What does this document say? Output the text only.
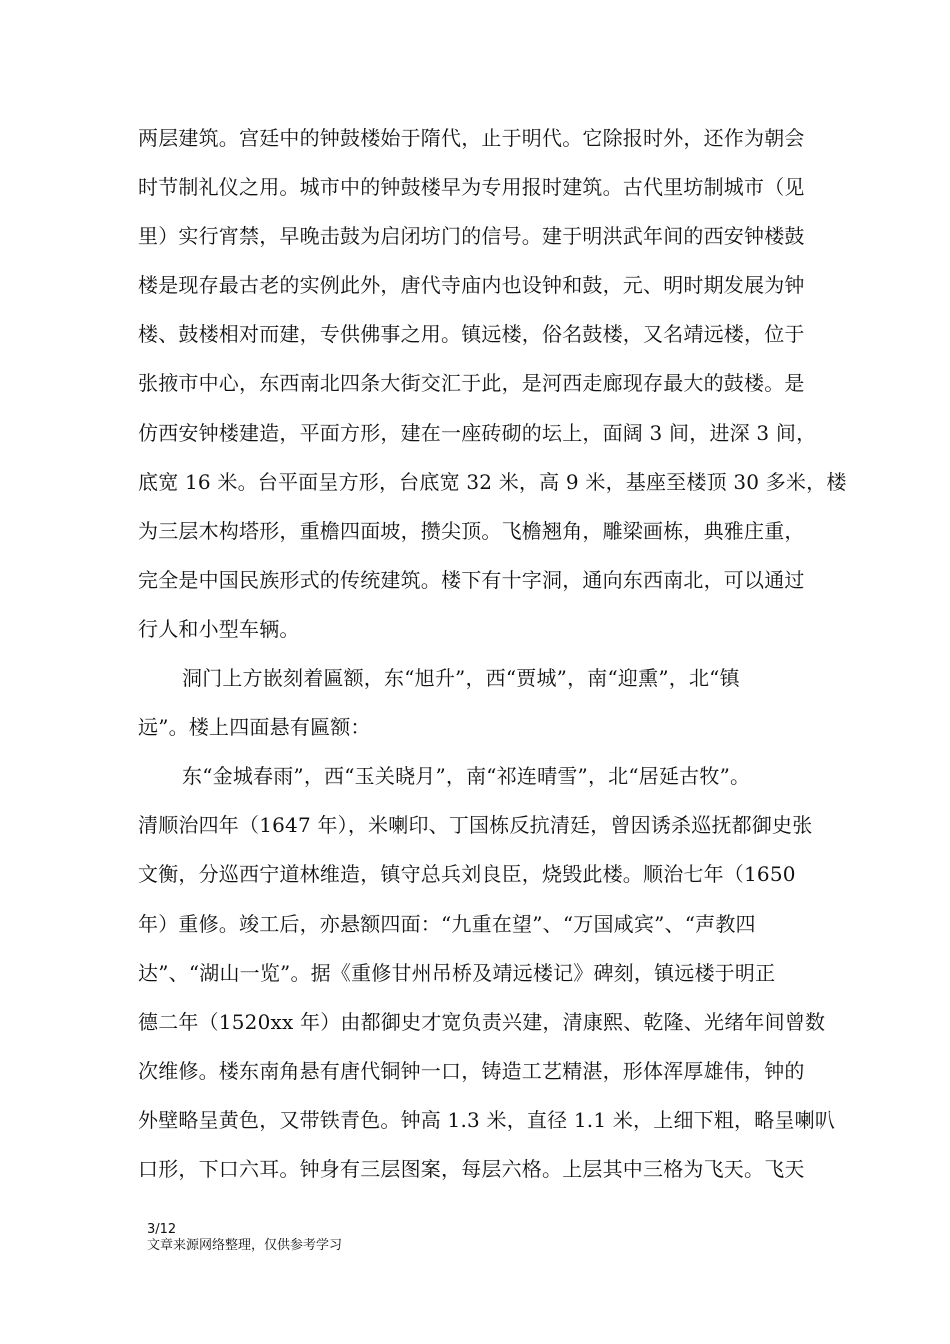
两层建筑。宫廷中的钟鼓楼始于隋代，止于明代。它除报时外，还作为朝会
时节制礼仪之用。城市中的钟鼓楼早为专用报时建筑。古代里坊制城市（见
里）实行宵禁，早晚击鼓为启闭坊门的信号。建于明洪武年间的西安钟楼鼓
楼是现存最古老的实例此外，唐代寺庙内也设钟和鼓，元、明时期发展为钟
楼、鼓楼相对而建，专供佛事之用。镇远楼，俗名鼓楼，又名靖远楼，位于
张掖市中心，东西南北四条大街交汇于此，是河西走廊现存最大的鼓楼。是
仿西安钟楼建造，平面方形，建在一座砖砌的坛上，面阔 3 间，进深 3 间，
底宽 16 米。台平面呈方形，台底宽 32 米，高 9 米，基座至楼顶 30 多米，楼
为三层木构塔形，重檐四面坡，攒尖顶。飞檐翘角，雕梁画栋，典雅庄重，
完全是中国民族形式的传统建筑。楼下有十字洞，通向东西南北，可以通过
行人和小型车辆。
洞门上方嵌刻着匾额，东“旭升”，西“贾城”，南“迎熏”，北“镇
远”。楼上四面悬有匾额：
东“金城春雨”，西“玉关晓月”，南“祁连晴雪”，北“居延古牧”。
清顺治四年（1647 年），米喇印、丁国栋反抗清廷，曾因诱杀巡抚都御史张
文衡，分巡西宁道林维造，镇守总兵刘良臣，烧毁此楼。顺治七年（1650
年）重修。竣工后，亦悬额四面：“九重在望”、“万国咸宾”、“声教四
达”、“湖山一览”。据《重修甘州吊桥及靖远楼记》碑刻，镇远楼于明正
德二年（1520xx 年）由都御史才宽负责兴建，清康熙、乾隆、光绪年间曾数
次维修。楼东南角悬有唐代铜钟一口，铸造工艺精湛，形体浑厚雄伟，钟的
外壁略呈黄色，又带铁青色。钟高 1.3 米，直径 1.1 米，上细下粗，略呈喇叭
口形，下口六耳。钟身有三层图案，每层六格。上层其中三格为飞天。飞天
3/12
文章来源网络整理，仅供参考学习
